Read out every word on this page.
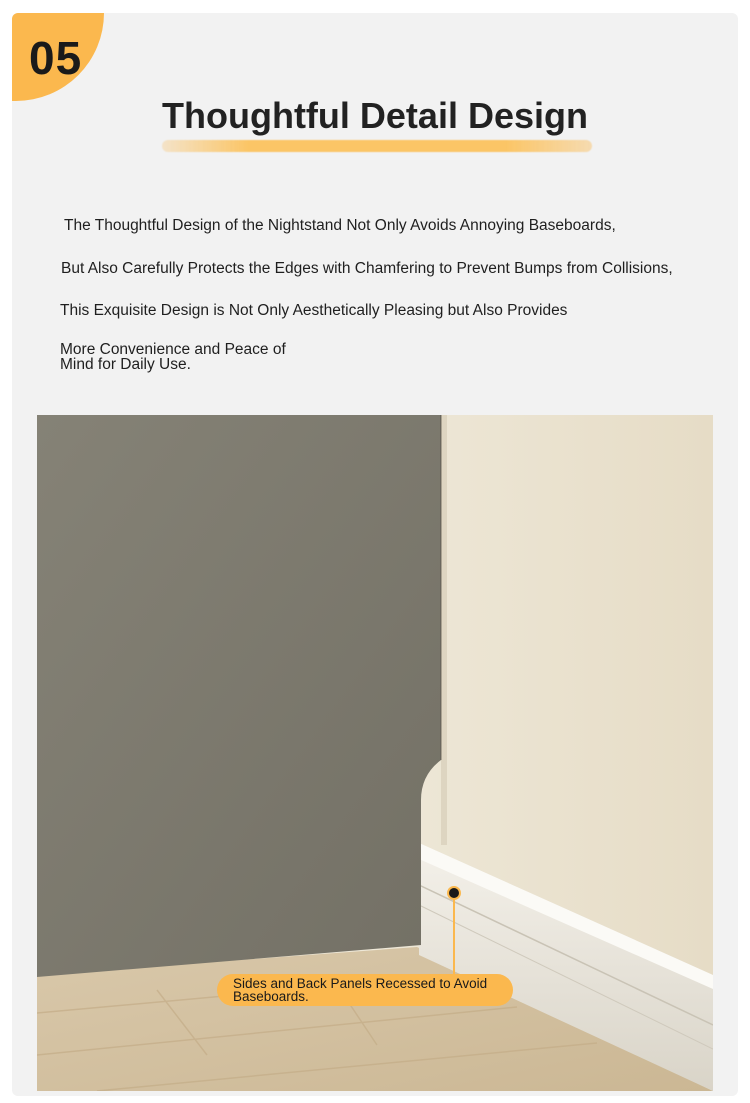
05
Thoughtful Detail Design
The Thoughtful Design of the Nightstand Not Only Avoids Annoying Baseboards,
But Also Carefully Protects the Edges with Chamfering to Prevent Bumps from Collisions,
This Exquisite Design is Not Only Aesthetically Pleasing but Also Provides
More Convenience and Peace of Mind for Daily Use.
Sides and Back Panels Recessed to Avoid Baseboards.
